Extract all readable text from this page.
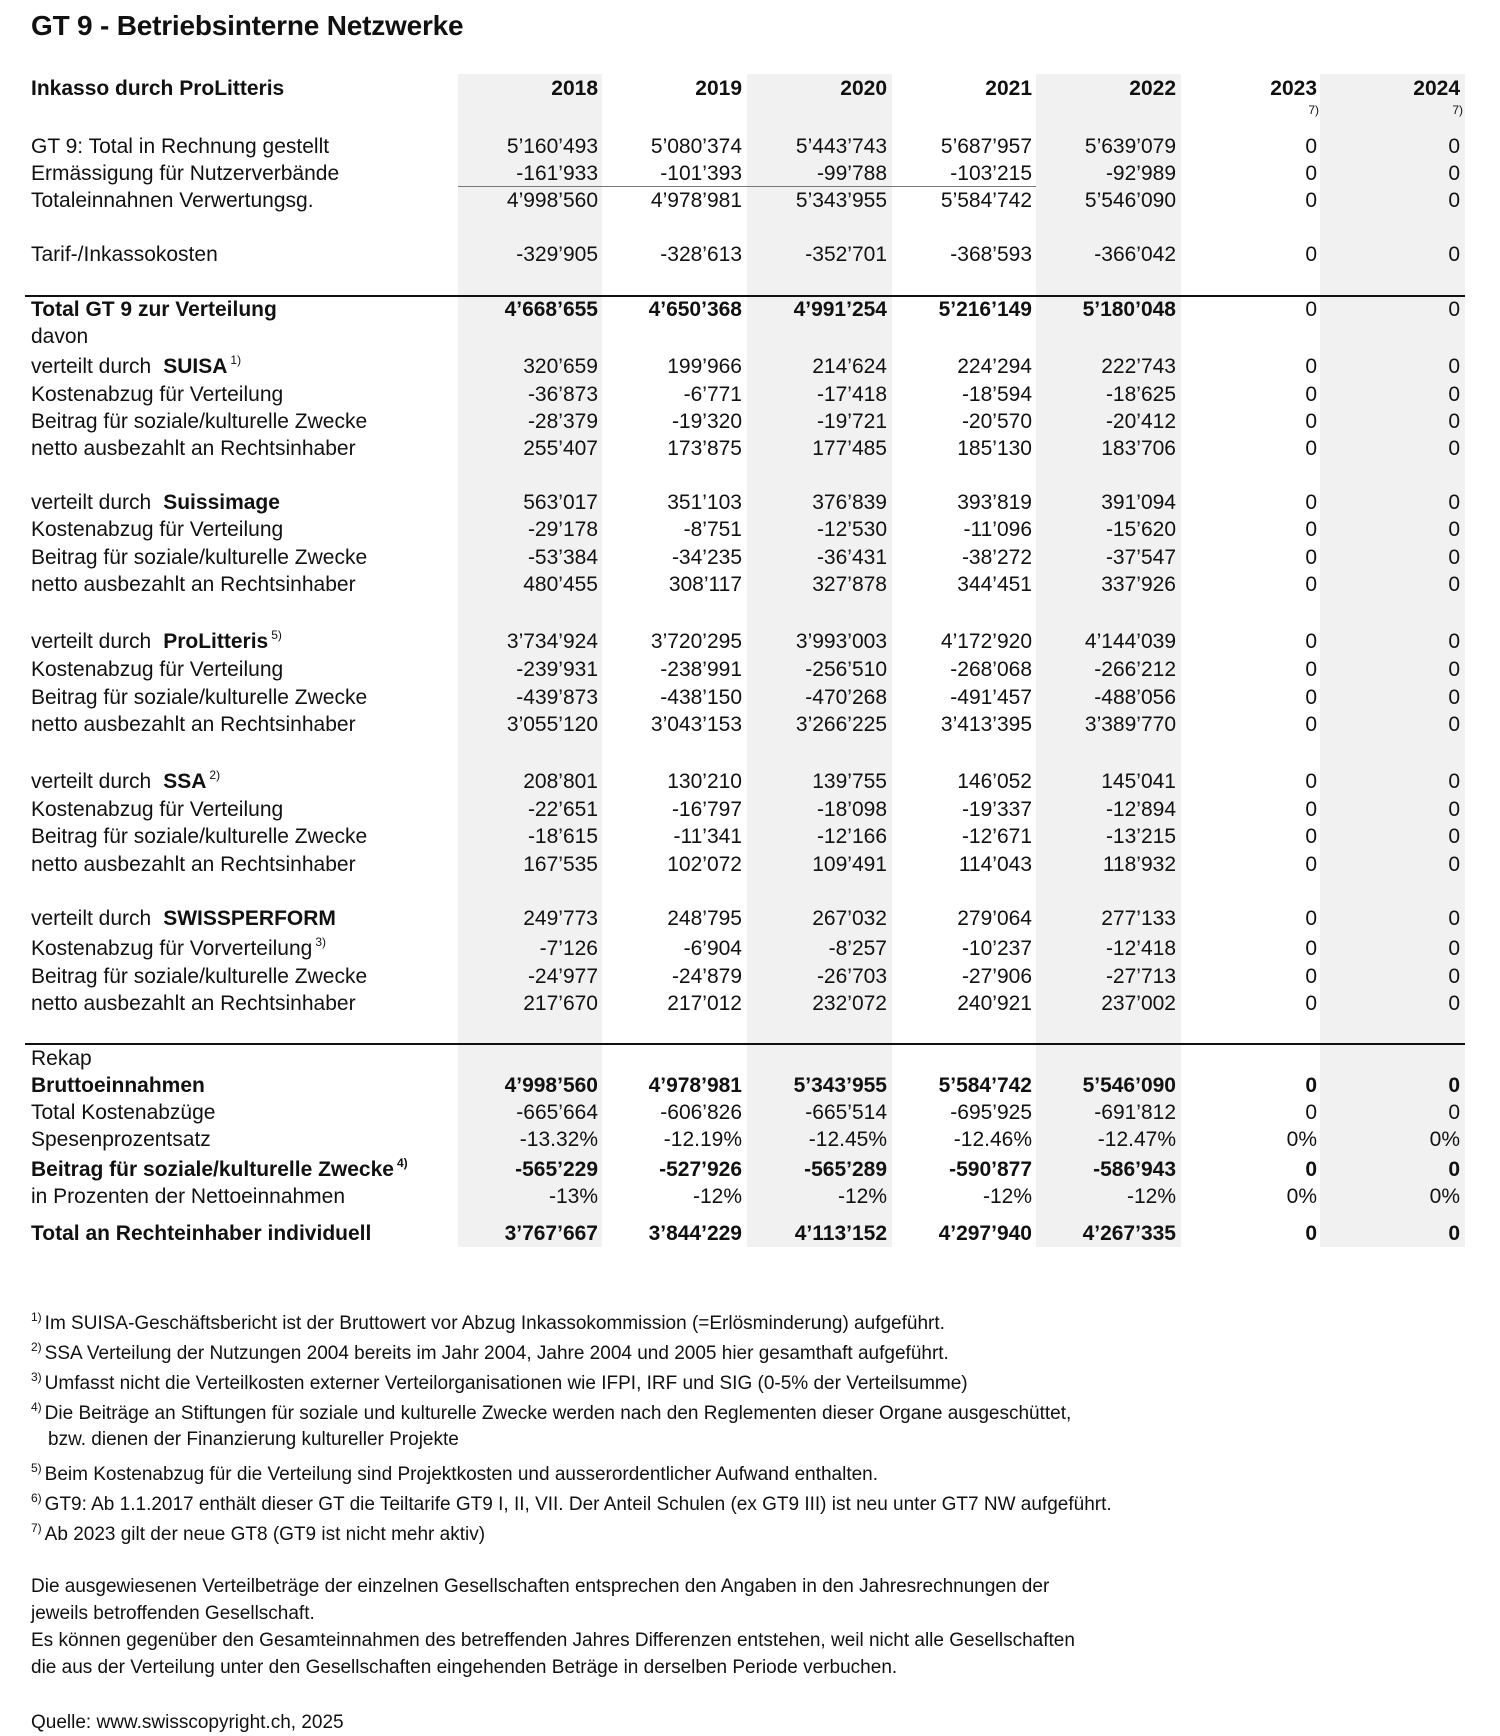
GT 9 - Betriebsinterne Netzwerke
Inkasso durch ProLitteris	2018	2019	2020	2021	2022	2023	2024
7)	7)
GT 9: Total in Rechnung gestellt	5’160’493	5’080’374	5’443’743	5’687’957	5’639’079	0	0
Ermässigung für Nutzerverbände	-161’933	-101’393	-99’788	-103’215	-92’989	0	0
Totaleinnahnen Verwertungsg.	4’998’560	4’978’981	5’343’955	5’584’742	5’546’090	0	0
Tarif-/Inkassokosten	-329’905	-328’613	-352’701	-368’593	-366’042	0	0
Total GT 9 zur Verteilung	4’668’655	4’650’368	4’991’254	5’216’149	5’180’048	0	0
davon
verteilt durch SUISA $^{1)}$	320’659	199’966	214’624	224’294	222’743	0	0
Kostenabzug für Verteilung	-36’873	-6’771	-17’418	-18’594	-18’625	0	0
Beitrag für soziale/kulturelle Zwecke	-28’379	-19’320	-19’721	-20’570	-20’412	0	0
netto ausbezahlt an Rechtsinhaber	255’407	173’875	177’485	185’130	183’706	0	0
verteilt durch Suissimage	563’017	351’103	376’839	393’819	391’094	0	0
Kostenabzug für Verteilung	-29’178	-8’751	-12’530	-11’096	-15’620	0	0
Beitrag für soziale/kulturelle Zwecke	-53’384	-34’235	-36’431	-38’272	-37’547	0	0
netto ausbezahlt an Rechtsinhaber	480’455	308’117	327’878	344’451	337’926	0	0
verteilt durch ProLitteris $^{5)}$	3’734’924	3’720’295	3’993’003	4’172’920	4’144’039	0	0
Kostenabzug für Verteilung	-239’931	-238’991	-256’510	-268’068	-266’212	0	0
Beitrag für soziale/kulturelle Zwecke	-439’873	-438’150	-470’268	-491’457	-488’056	0	0
netto ausbezahlt an Rechtsinhaber	3’055’120	3’043’153	3’266’225	3’413’395	3’389’770	0	0
verteilt durch SSA $^{2)}$	208’801	130’210	139’755	146’052	145’041	0	0
Kostenabzug für Verteilung	-22’651	-16’797	-18’098	-19’337	-12’894	0	0
Beitrag für soziale/kulturelle Zwecke	-18’615	-11’341	-12’166	-12’671	-13’215	0	0
netto ausbezahlt an Rechtsinhaber	167’535	102’072	109’491	114’043	118’932	0	0
verteilt durch SWISSPERFORM	249’773	248’795	267’032	279’064	277’133	0	0
Kostenabzug für Vorverteilung $^{3)}$	-7’126	-6’904	-8’257	-10’237	-12’418	0	0
Beitrag für soziale/kulturelle Zwecke	-24’977	-24’879	-26’703	-27’906	-27’713	0	0
netto ausbezahlt an Rechtsinhaber	217’670	217’012	232’072	240’921	237’002	0	0
Rekap
Bruttoeinnahmen	4’998’560	4’978’981	5’343’955	5’584’742	5’546’090	0	0
Total Kostenabzüge	-665’664	-606’826	-665’514	-695’925	-691’812	0	0
Spesenprozentsatz	-13.32%	-12.19%	-12.45%	-12.46%	-12.47%	0%	0%
Beitrag für soziale/kulturelle Zwecke $^{4)}$	-565’229	-527’926	-565’289	-590’877	-586’943	0	0
in Prozenten der Nettoeinnahmen	-13%	-12%	-12%	-12%	-12%	0%	0%
Total an Rechteinhaber individuell	3’767’667	3’844’229	4’113’152	4’297’940	4’267’335	0	0
$^{1)}$ Im SUISA-Geschäftsbericht ist der Bruttowert vor Abzug Inkassokommission (=Erlösminderung) aufgeführt.
$^{2)}$ SSA Verteilung der Nutzungen 2004 bereits im Jahr 2004, Jahre 2004 und 2005 hier gesamthaft aufgeführt.
$^{3)}$ Umfasst nicht die Verteilkosten externer Verteilorganisationen wie IFPI, IRF und SIG (0-5% der Verteilsumme)
$^{4)}$ Die Beiträge an Stiftungen für soziale und kulturelle Zwecke werden nach den Reglementen dieser Organe ausgeschüttet,
bzw. dienen der Finanzierung kultureller Projekte
$^{5)}$ Beim Kostenabzug für die Verteilung sind Projektkosten und ausserordentlicher Aufwand enthalten.
$^{6)}$ GT9: Ab 1.1.2017 enthält dieser GT die Teiltarife GT9 I, II, VII. Der Anteil Schulen (ex GT9 III) ist neu unter GT7 NW aufgeführt.
$^{7)}$ Ab 2023 gilt der neue GT8 (GT9 ist nicht mehr aktiv)
Die ausgewiesenen Verteilbeträge der einzelnen Gesellschaften entsprechen den Angaben in den Jahresrechnungen der
jeweils betroffenden Gesellschaft.
Es können gegenüber den Gesamteinnahmen des betreffenden Jahres Differenzen entstehen, weil nicht alle Gesellschaften
die aus der Verteilung unter den Gesellschaften eingehenden Beträge in derselben Periode verbuchen.
Quelle: www.swisscopyright.ch, 2025
